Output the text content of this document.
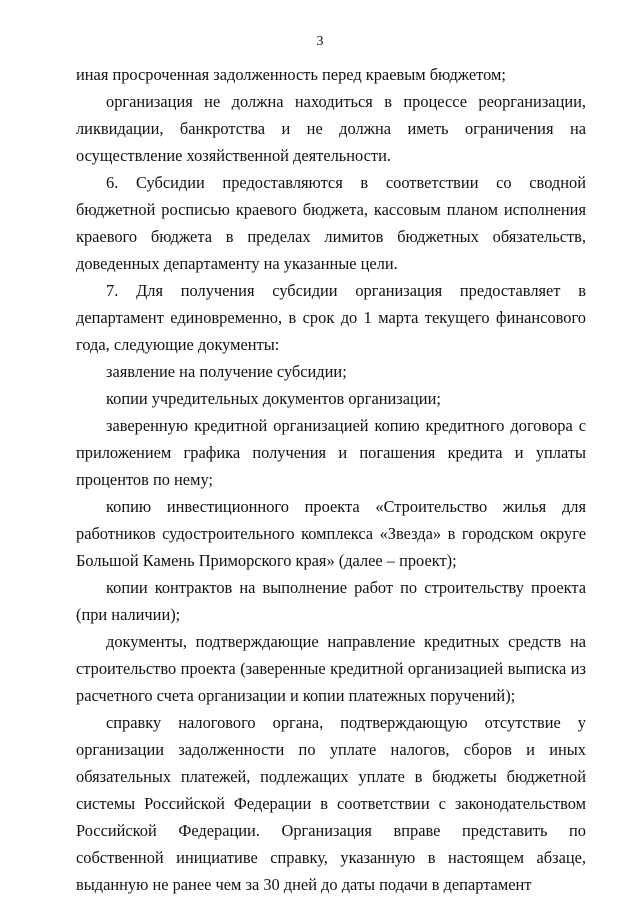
3

иная просроченная задолженность перед краевым бюджетом;

организация не должна находиться в процессе реорганизации, ликвидации, банкротства и не должна иметь ограничения на осуществление хозяйственной деятельности.

6. Субсидии предоставляются в соответствии со сводной бюджетной росписью краевого бюджета, кассовым планом исполнения краевого бюджета в пределах лимитов бюджетных обязательств, доведенных департаменту на указанные цели.

7. Для получения субсидии организация предоставляет в департамент единовременно, в срок до 1 марта текущего финансового года, следующие документы:

заявление на получение субсидии;

копии учредительных документов организации;

заверенную кредитной организацией копию кредитного договора с приложением графика получения и погашения кредита и уплаты процентов по нему;

копию инвестиционного проекта «Строительство жилья для работников судостроительного комплекса «Звезда» в городском округе Большой Камень Приморского края» (далее – проект);

копии контрактов на выполнение работ по строительству проекта (при наличии);

документы, подтверждающие направление кредитных средств на строительство проекта (заверенные кредитной организацией выписка из расчетного счета организации и копии платежных поручений);

справку налогового органа, подтверждающую отсутствие у организации задолженности по уплате налогов, сборов и иных обязательных платежей, подлежащих уплате в бюджеты бюджетной системы Российской Федерации в соответствии с законодательством Российской Федерации. Организация вправе представить по собственной инициативе справку, указанную в настоящем абзаце, выданную не ранее чем за 30 дней до даты подачи в департамент
